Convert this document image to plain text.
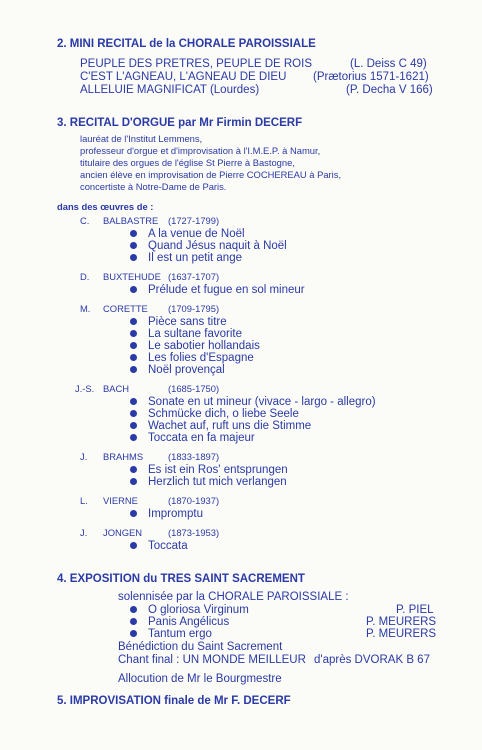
2. MINI RECITAL de la CHORALE PAROISSIALE
PEUPLE DES PRETRES, PEUPLE DE ROIS	(L. Deiss C 49)
C'EST L'AGNEAU, L'AGNEAU DE DIEU (Prætorius 1571-1621)
ALLELUIE MAGNIFICAT (Lourdes)	(P. Decha V 166)
3. RECITAL D'ORGUE par Mr Firmin DECERF
lauréat de l'Institut Lemmens,
professeur d'orgue et d'improvisation à l'I.M.E.P. à Namur,
titulaire des orgues de l'église St Pierre à Bastogne,
ancien élève en improvisation de Pierre COCHEREAU à Paris,
concertiste à Notre-Dame de Paris.
dans des œuvres de :
C. BALBASTRE (1727-1799)
A la venue de Noël
Quand Jésus naquit à Noël
Il est un petit ange
D. BUXTEHUDE (1637-1707)
Prélude et fugue en sol mineur
M. CORETTE (1709-1795)
Pièce sans titre
La sultane favorite
Le sabotier hollandais
Les folies d'Espagne
Noël provençal
J.-S. BACH	(1685-1750)
Sonate en ut mineur (vivace - largo - allegro)
Schmücke dich, o liebe Seele
Wachet auf, ruft uns die Stimme
Toccata en fa majeur
J. BRAHMS	(1833-1897)
Es ist ein Ros' entsprungen
Herzlich tut mich verlangen
L. VIERNE	(1870-1937)
Impromptu
J. JONGEN	(1873-1953)
Toccata
4. EXPOSITION du TRES SAINT SACREMENT
solennisée par la CHORALE PAROISSIALE :
O gloriosa Virginum	P. PIEL
Panis Angélicus	P. MEURERS
Tantum ergo	P. MEURERS
Bénédiction du Saint Sacrement
Chant final : UN MONDE MEILLEUR d'après DVORAK B 67
Allocution de Mr le Bourgmestre
5. IMPROVISATION finale de Mr F. DECERF
